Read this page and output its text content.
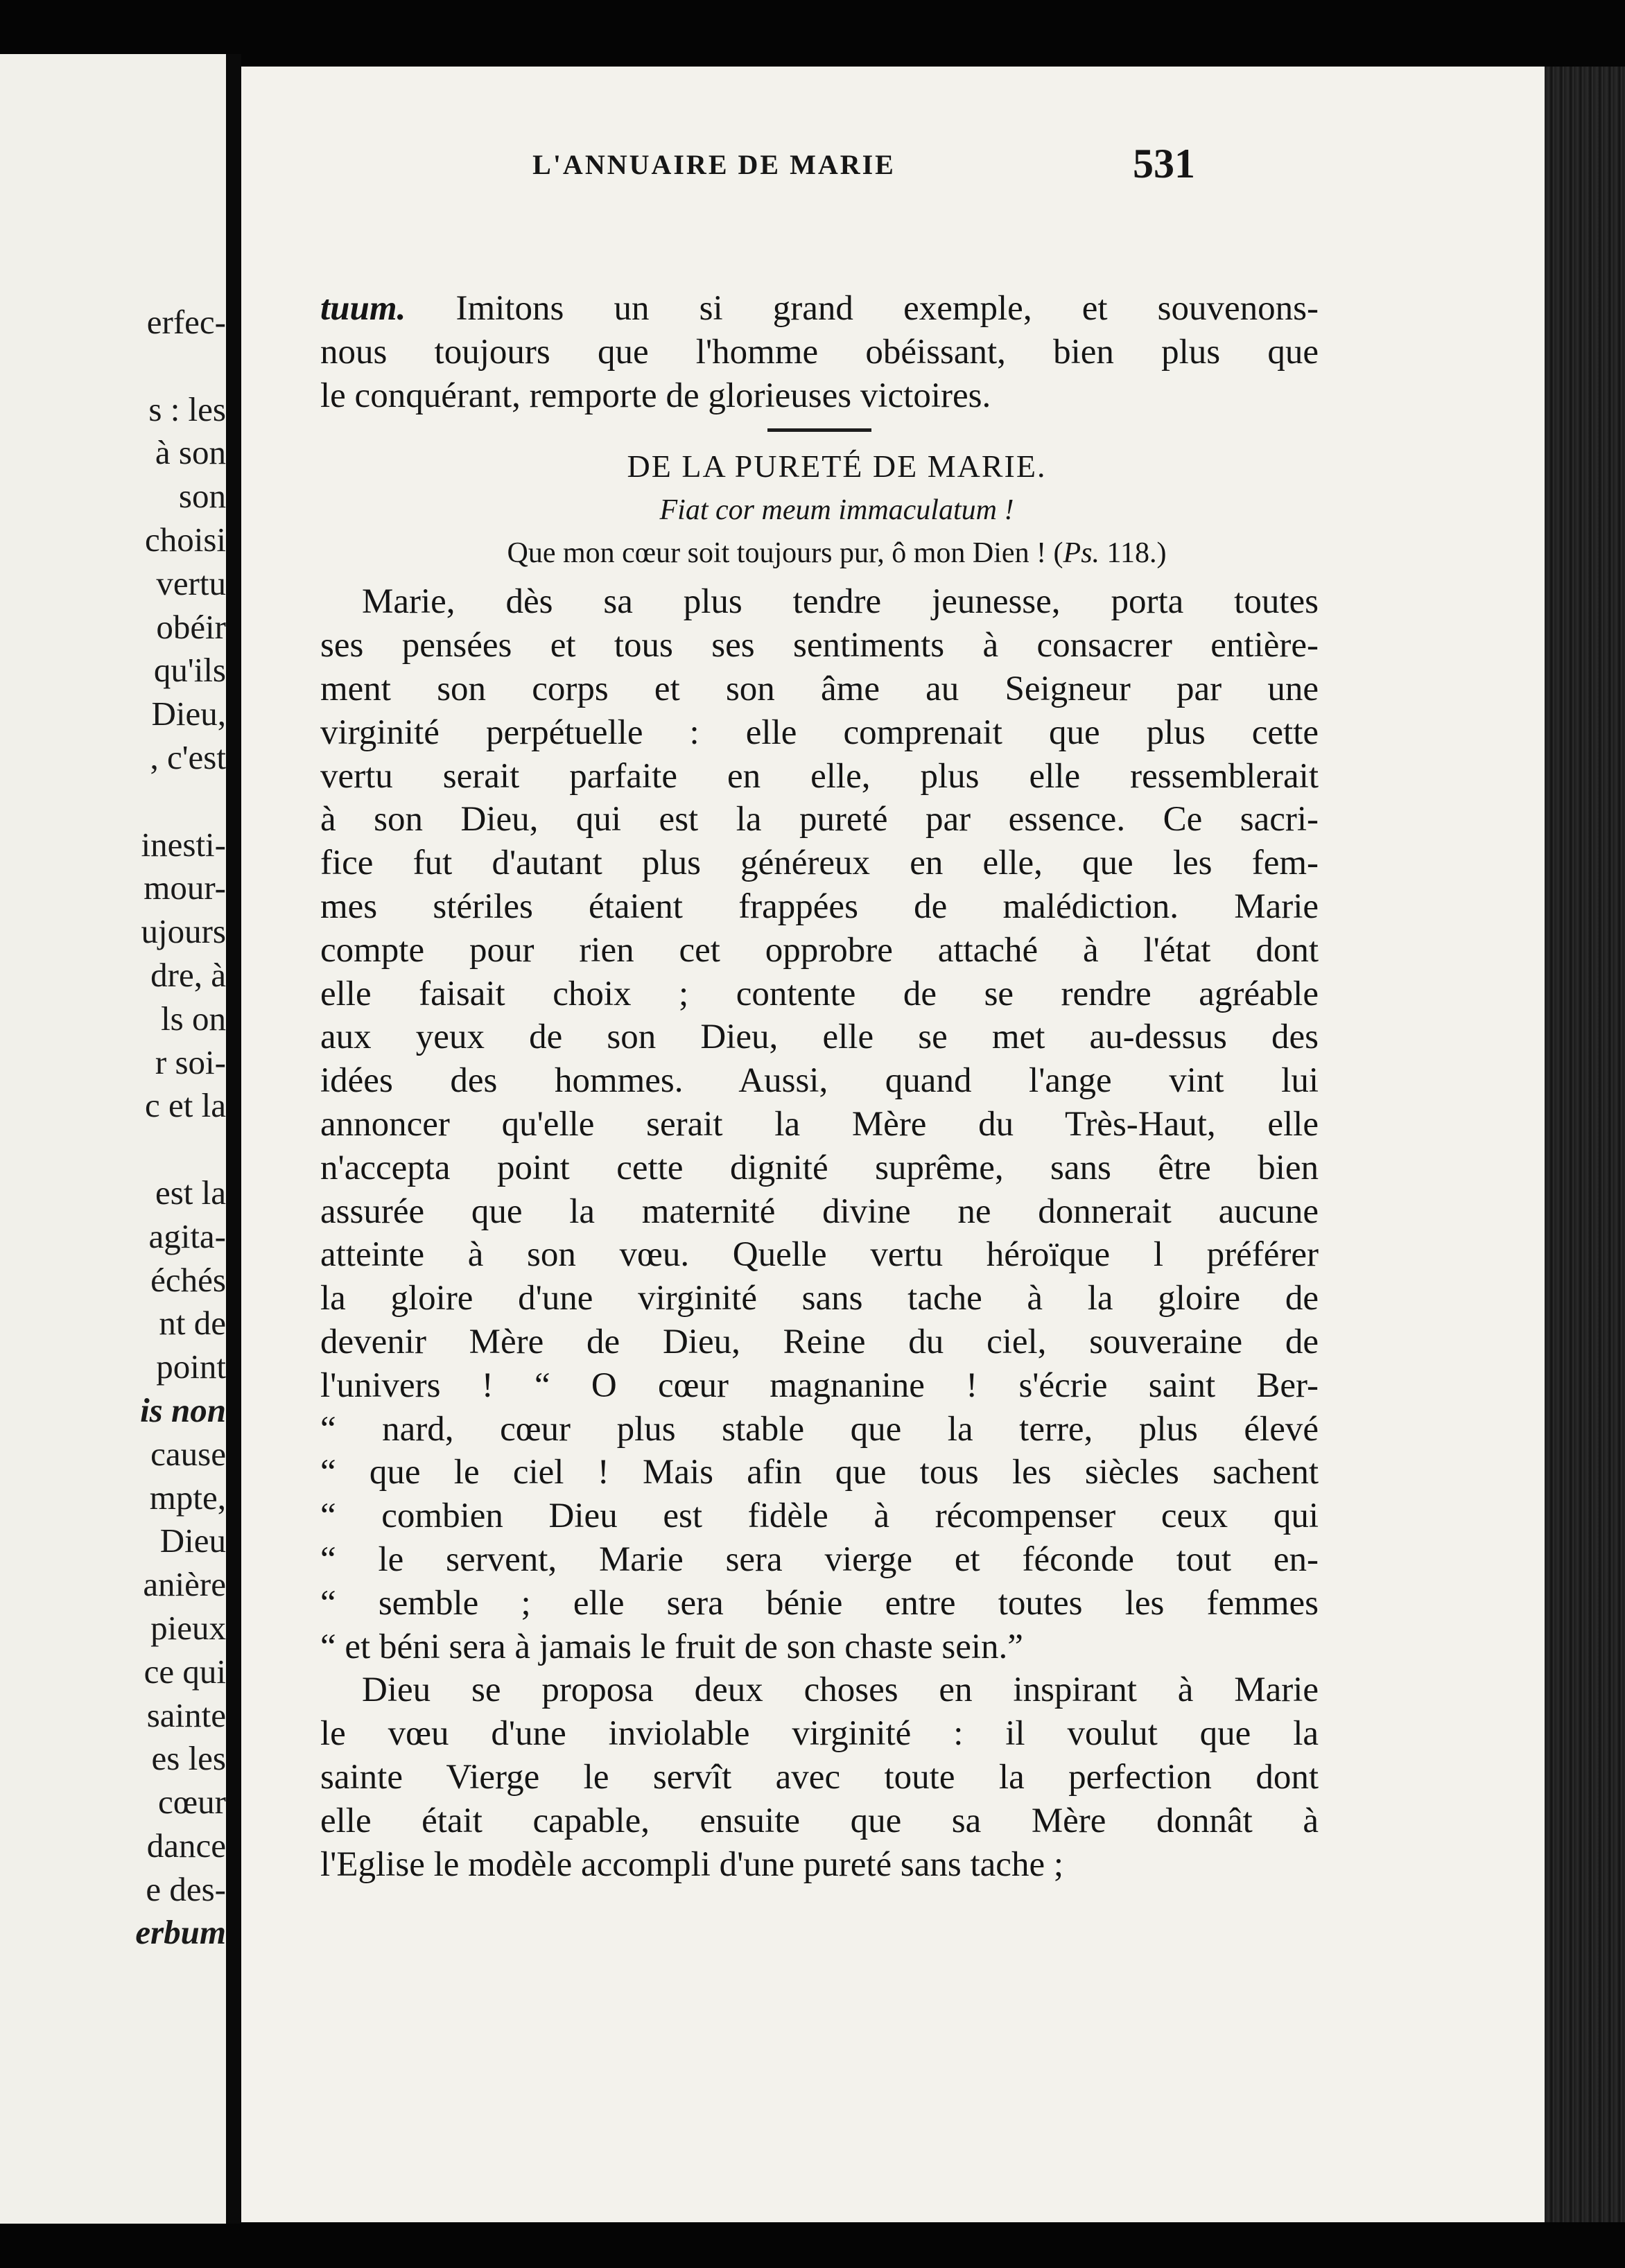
erfec-
s : les
à son
son
choisi
vertu
obéir
qu'ils
Dieu,
, c'est
inesti-
mour-
ujours
dre, à
ls on
r soi-
c et la
est la
agita-
échés
nt de
point
is non
cause
mpte,
Dieu
anière
pieux
ce qui
sainte
es les
cœur
dance
e des-
erbum
L'ANNUAIRE DE MARIE	531
tuum. Imitons un si grand exemple, et souvenons-
nous toujours que l'homme obéissant, bien plus que
le conquérant, remporte de glorieuses victoires.
DE LA PURETÉ DE MARIE.
Fiat cor meum immaculatum !
Que mon cœur soit toujours pur, ô mon Dien ! (Ps. 118.)
Marie, dès sa plus tendre jeunesse, porta toutes
ses pensées et tous ses sentiments à consacrer entière-
ment son corps et son âme au Seigneur par une
virginité perpétuelle : elle comprenait que plus cette
vertu serait parfaite en elle, plus elle ressemblerait
à son Dieu, qui est la pureté par essence. Ce sacri-
fice fut d'autant plus généreux en elle, que les fem-
mes stériles étaient frappées de malédiction. Marie
compte pour rien cet opprobre attaché à l'état dont
elle faisait choix ; contente de se rendre agréable
aux yeux de son Dieu, elle se met au-dessus des
idées des hommes. Aussi, quand l'ange vint lui
annoncer qu'elle serait la Mère du Très-Haut, elle
n'accepta point cette dignité suprême, sans être bien
assurée que la maternité divine ne donnerait aucune
atteinte à son vœu. Quelle vertu héroïque l préférer
la gloire d'une virginité sans tache à la gloire de
devenir Mère de Dieu, Reine du ciel, souveraine de
l'univers ! “ O cœur magnanine ! s'écrie saint Ber-
“ nard, cœur plus stable que la terre, plus élevé
“ que le ciel ! Mais afin que tous les siècles sachent
“ combien Dieu est fidèle à récompenser ceux qui
“ le servent, Marie sera vierge et féconde tout en-
“ semble ; elle sera bénie entre toutes les femmes
“ et béni sera à jamais le fruit de son chaste sein.”
Dieu se proposa deux choses en inspirant à Marie
le vœu d'une inviolable virginité : il voulut que la
sainte Vierge le servît avec toute la perfection dont
elle était capable, ensuite que sa Mère donnât à
l'Eglise le modèle accompli d'une pureté sans tache ;
